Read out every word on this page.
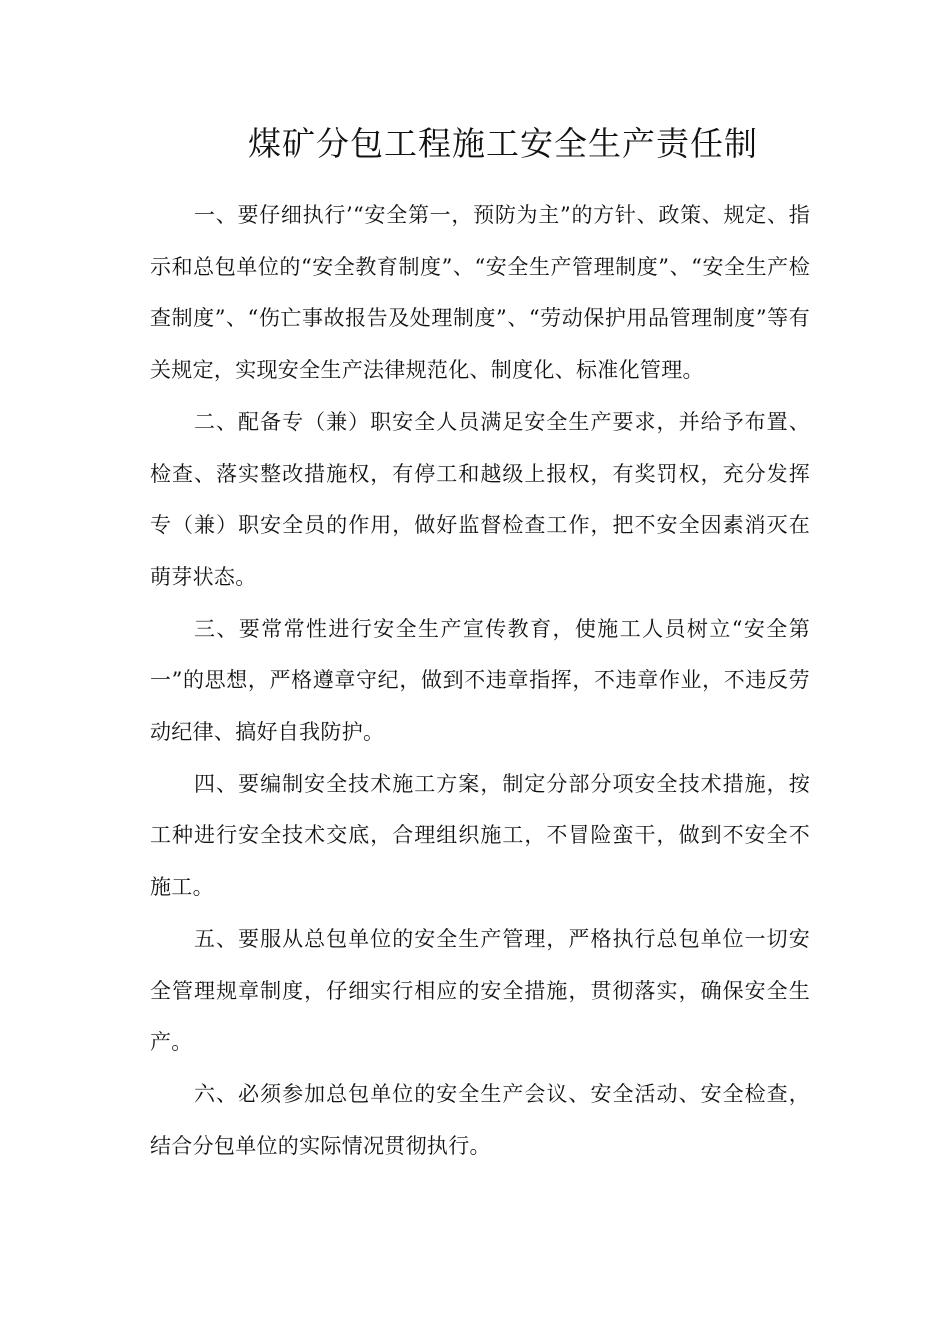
煤矿分包工程施工安全生产责任制

一、要仔细执行’“安全第一，预防为主”的方针、政策、规定、指示和总包单位的“安全教育制度”、“安全生产管理制度”、“安全生产检查制度”、“伤亡事故报告及处理制度”、“劳动保护用品管理制度”等有关规定，实现安全生产法律规范化、制度化、标准化管理。

二、配备专（兼）职安全人员满足安全生产要求，并给予布置、检查、落实整改措施权，有停工和越级上报权，有奖罚权，充分发挥专（兼）职安全员的作用，做好监督检查工作，把不安全因素消灭在萌芽状态。

三、要常常性进行安全生产宣传教育，使施工人员树立“安全第一”的思想，严格遵章守纪，做到不违章指挥，不违章作业，不违反劳动纪律、搞好自我防护。

四、要编制安全技术施工方案，制定分部分项安全技术措施，按工种进行安全技术交底，合理组织施工，不冒险蛮干，做到不安全不施工。

五、要服从总包单位的安全生产管理，严格执行总包单位一切安全管理规章制度，仔细实行相应的安全措施，贯彻落实，确保安全生产。

六、必须参加总包单位的安全生产会议、安全活动、安全检查，结合分包单位的实际情况贯彻执行。
